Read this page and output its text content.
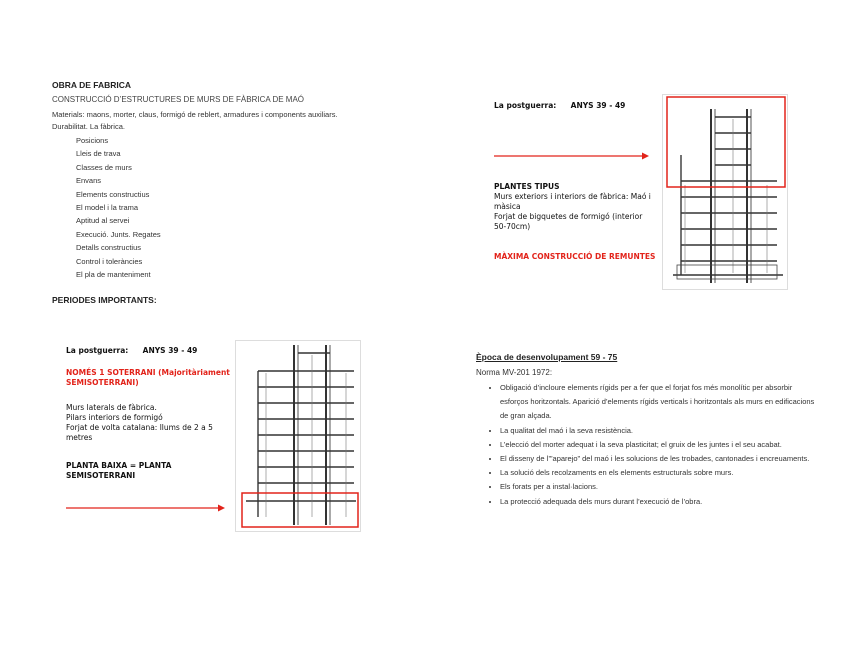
OBRA DE FABRICA
CONSTRUCCIÓ D’ESTRUCTURES DE MURS DE FÀBRICA DE MAÓ
Materials: maons, morter, claus, formigó de reblert, armadures i components auxiliars. Durabilitat. La fàbrica.
Posicions
Lleis de trava
Classes de murs
Envans
Elements constructius
El model i la trama
Aptitud al servei
Execució. Junts. Regates
Detalls constructius
Control i toleràncies
El pla de manteniment
PERIODES IMPORTANTS:
La postguerra: ANYS 39 - 49
PLANTES TIPUS
Murs exteriors i interiors de fàbrica: Maó i
màsica
Forjat de bigquetes de formigó (interior
50-70cm)
MÀXIMA CONSTRUCCIÓ DE REMUNTES
La postguerra: ANYS 39 - 49
NOMÉS 1 SOTERRANI (Majoritàriament
SEMISOTERRANI)
Murs laterals de fàbrica.
Pilars interiors de formigó
Forjat de volta catalana: llums de 2 a 5
metres
PLANTA BAIXA = PLANTA
SEMISOTERRANI
Època de desenvolupament 59 - 75
Norma MV-201 1972:
• Obligació d’incloure elements rígids per a fer que el forjat fos més monolític per absorbir esforços horitzontals. Aparició d’elements rígids verticals i horitzontals als murs en edificacions de gran alçada.
• La qualitat del maó i la seva resistència.
• L’elecció del morter adequat i la seva plasticitat; el gruix de les juntes i el seu acabat.
• El disseny de l’”aparejo” del maó i les solucions de les trobades, cantonades i encreuaments.
• La solució dels recolzaments en els elements estructurals sobre murs.
• Els forats per a instal·lacions.
• La protecció adequada dels murs durant l’execució de l’obra.
